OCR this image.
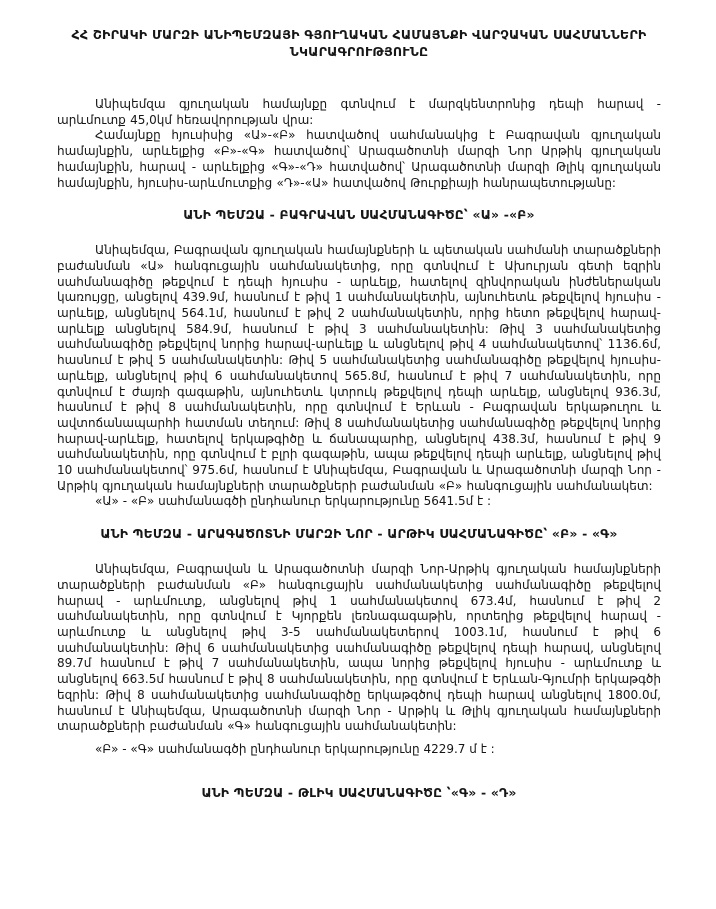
ՀՀ ՇԻՐԱԿԻ ՄԱՐԶԻ ԱՆԻՊԵՄԶԱՅԻ ԳՅՈՒՂԱԿԱՆ ՀԱՄԱՅՆՔԻ ՎԱՐՉԱԿԱՆ ՍԱՀՄԱՆՆԵՐԻ ՆԿԱՐԱԳՐՈՒԹՅՈՒՆԸ

Անիպեմզա գյուղական համայնքը գտնվում է մարզկենտրոնից դեպի հարավ - արևմուտք 45,0կմ հեռավորության վրա:

Համայնքը հյուսիսից «Ա»-«Բ» հատվածով սահմանակից է Բագրավան գյուղական համայնքին, արևելքից «Բ»-«Գ» հատվածով՝ Արագածոտնի մարզի Նոր Արթիկ գյուղական համայնքին, հարավ - արևելքից «Գ»-«Դ» հատվածով՝ Արագածոտնի մարզի Թլիկ գյուղական համայնքին, հյուսիս-արևմուտքից «Դ»-«Ա» հատվածով Թուրքիայի հանրապետությանը:

ԱՆԻ ՊԵՄԶԱ - ԲԱԳՐԱՎԱՆ ՍԱՀՄԱՆԱԳԻԾԸ՝ «Ա» -«Բ»

Անիպեմզա, Բագրավան գյուղական համայնքների և պետական սահմանի տարածքների բաժանման «Ա» հանգուցային սահմանակետից, որը գտնվում է Ախուրյան գետի եզրին սահմանագիծը թեքվում է դեպի հյուսիս - արևելք, հատելով զինվորական ինժեներական կառույցը, անցելով 439.9մ, հասնում է թիվ 1 սահմանակետին, այնուհետև թեքվելով հյուսիս - արևելք, անցնելով 564.1մ, հասնում է թիվ 2 սահմանակետին, որից հետո թեքվելով հարավ-արևելք անցնելով 584.9մ, հասնում է թիվ 3 սահմանակետին: Թիվ 3 սահմանակետից սահմանագիծը թեքվելով նորից հարավ-արևելք և անցնելով թիվ 4 սահմանակետով՝ 1136.6մ, հասնում է թիվ 5 սահմանակետին: Թիվ 5 սահմանակետից սահմանագիծը թեքվելով հյուսիս-արևելք, անցնելով թիվ 6 սահմանակետով 565.8մ, հասնում է թիվ 7 սահմանակետին, որը գտնվում է ժայռի գագաթին, այնուհետև կտրուկ թեքվելով դեպի արևելք, անցնելով 936.3մ, հասնում է թիվ 8 սահմանակետին, որը գտնվում է Երևան - Բագրավան երկաթուղու և ավտոճանապարհի հատման տեղում: Թիվ 8 սահմանակետից սահմանագիծը թեքվելով նորից հարավ-արևելք, հատելով երկաթգիծը և ճանապարհը, անցնելով 438.3մ, հասնում է թիվ 9 սահմանակետին, որը գտնվում է բլրի գագաթին, ապա թեքվելով դեպի արևելք, անցնելով թիվ 10 սահմանակետով՝ 975.6մ, հասնում է Անիպեմզա, Բագրավան և Արագածոտնի մարզի Նոր - Արթիկ գյուղական համայնքների տարածքների բաժանման «Բ» հանգուցային սահմանակետ:

«Ա» - «Բ» սահմանագծի ընդհանուր երկարությունը 5641.5մ է :

ԱՆԻ ՊԵՄԶԱ - ԱՐԱԳԱԾՈՏՆԻ ՄԱՐԶԻ ՆՈՐ - ԱՐԹԻԿ ՍԱՀՄԱՆԱԳԻԾԸ՝ «Բ» - «Գ»

Անիպեմզա, Բագրավան և Արագածոտնի մարզի Նոր-Արթիկ գյուղական համայնքների տարածքների բաժանման «Բ» հանգուցային սահմանակետից սահմանագիծը թեքվելով հարավ - արևմուտք, անցնելով թիվ 1 սահմանակետով 673.4մ, հասնում է թիվ 2 սահմանակետին, որը գտնվում է Կյորքեն լեռնագագաթին, որտեղից թեքվելով հարավ - արևմուտք և անցնելով թիվ 3-5 սահմանակետերով 1003.1մ, հասնում է թիվ 6 սահմանակետին: Թիվ 6 սահմանակետից սահմանագիծը թեքվելով դեպի հարավ, անցնելով 89.7մ հասնում է թիվ 7 սահմանակետին, ապա նորից թեքվելով հյուսիս - արևմուտք և անցնելով 663.5մ հասնում է թիվ 8 սահմանակետին, որը գտնվում է Երևան-Գյումրի երկաթգծի եզրին: Թիվ 8 սահմանակետից սահմանագիծը երկաթգծով դեպի հարավ անցնելով 1800.0մ, հասնում է Անիպեմզա, Արագածոտնի մարզի Նոր - Արթիկ և Թլիկ գյուղական համայնքների տարածքների բաժանման «Գ» հանգուցային սահմանակետին:

«Բ» - «Գ» սահմանագծի ընդհանուր երկարությունը 4229.7 մ է :

ԱՆԻ ՊԵՄԶԱ - ԹԼԻԿ ՍԱՀՄԱՆԱԳԻԾԸ ՝«Գ» - «Դ»
